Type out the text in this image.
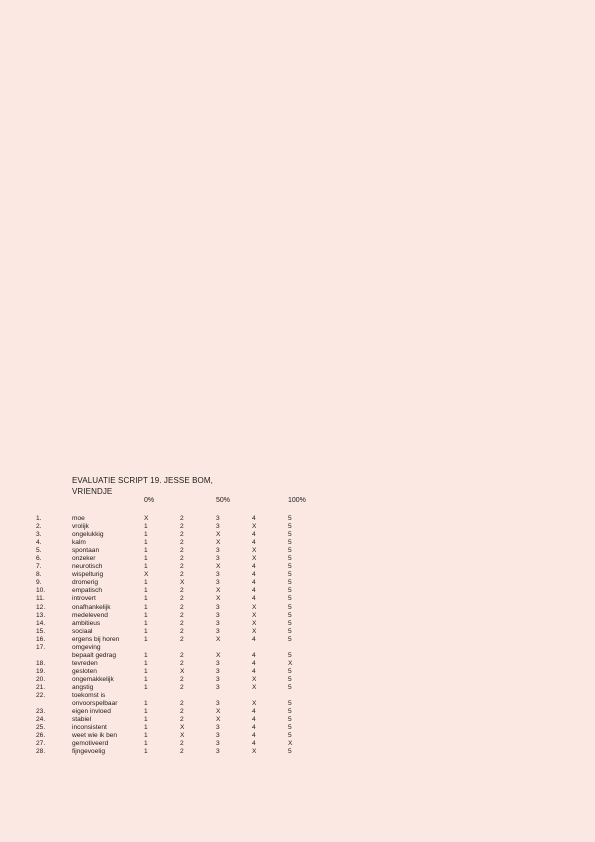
EVALUATIE SCRIPT 19. JESSE BOM, VRIENDJE
0%	50%	100%
1.	moe	X	2	3	4	5
2.	vrolijk	1	2	3	X	5
3.	ongelukkig	1	2	X	4	5
4.	kalm	1	2	X	4	5
5.	spontaan	1	2	3	X	5
6.	onzeker	1	2	3	X	5
7.	neurotisch	1	2	X	4	5
8.	wispelturig	X	2	3	4	5
9.	dromerig	1	X	3	4	5
10.	empatisch	1	2	X	4	5
11.	introvert	1	2	X	4	5
12.	onafhankelijk	1	2	3	X	5
13.	medelevend	1	2	3	X	5
14.	ambitieus	1	2	3	X	5
15.	sociaal	1	2	3	X	5
16.	ergens bij horen	1	2	X	4	5
17.	omgeving
bepaalt gedrag	1	2	X	4	5
18.	tevreden	1	2	3	4	X
19.	gesloten	1	X	3	4	5
20.	ongemakkelijk	1	2	3	X	5
21.	angstig	1	2	3	X	5
22.	toekomst is
onvoorspelbaar	1	2	3	X	5
23.	eigen invloed	1	2	X	4	5
24.	stabiel	1	2	X	4	5
25.	inconsistent	1	X	3	4	5
26.	weet wie ik ben	1	X	3	4	5
27.	gemotiveerd	1	2	3	4	X
28.	fijngevoelig	1	2	3	X	5
